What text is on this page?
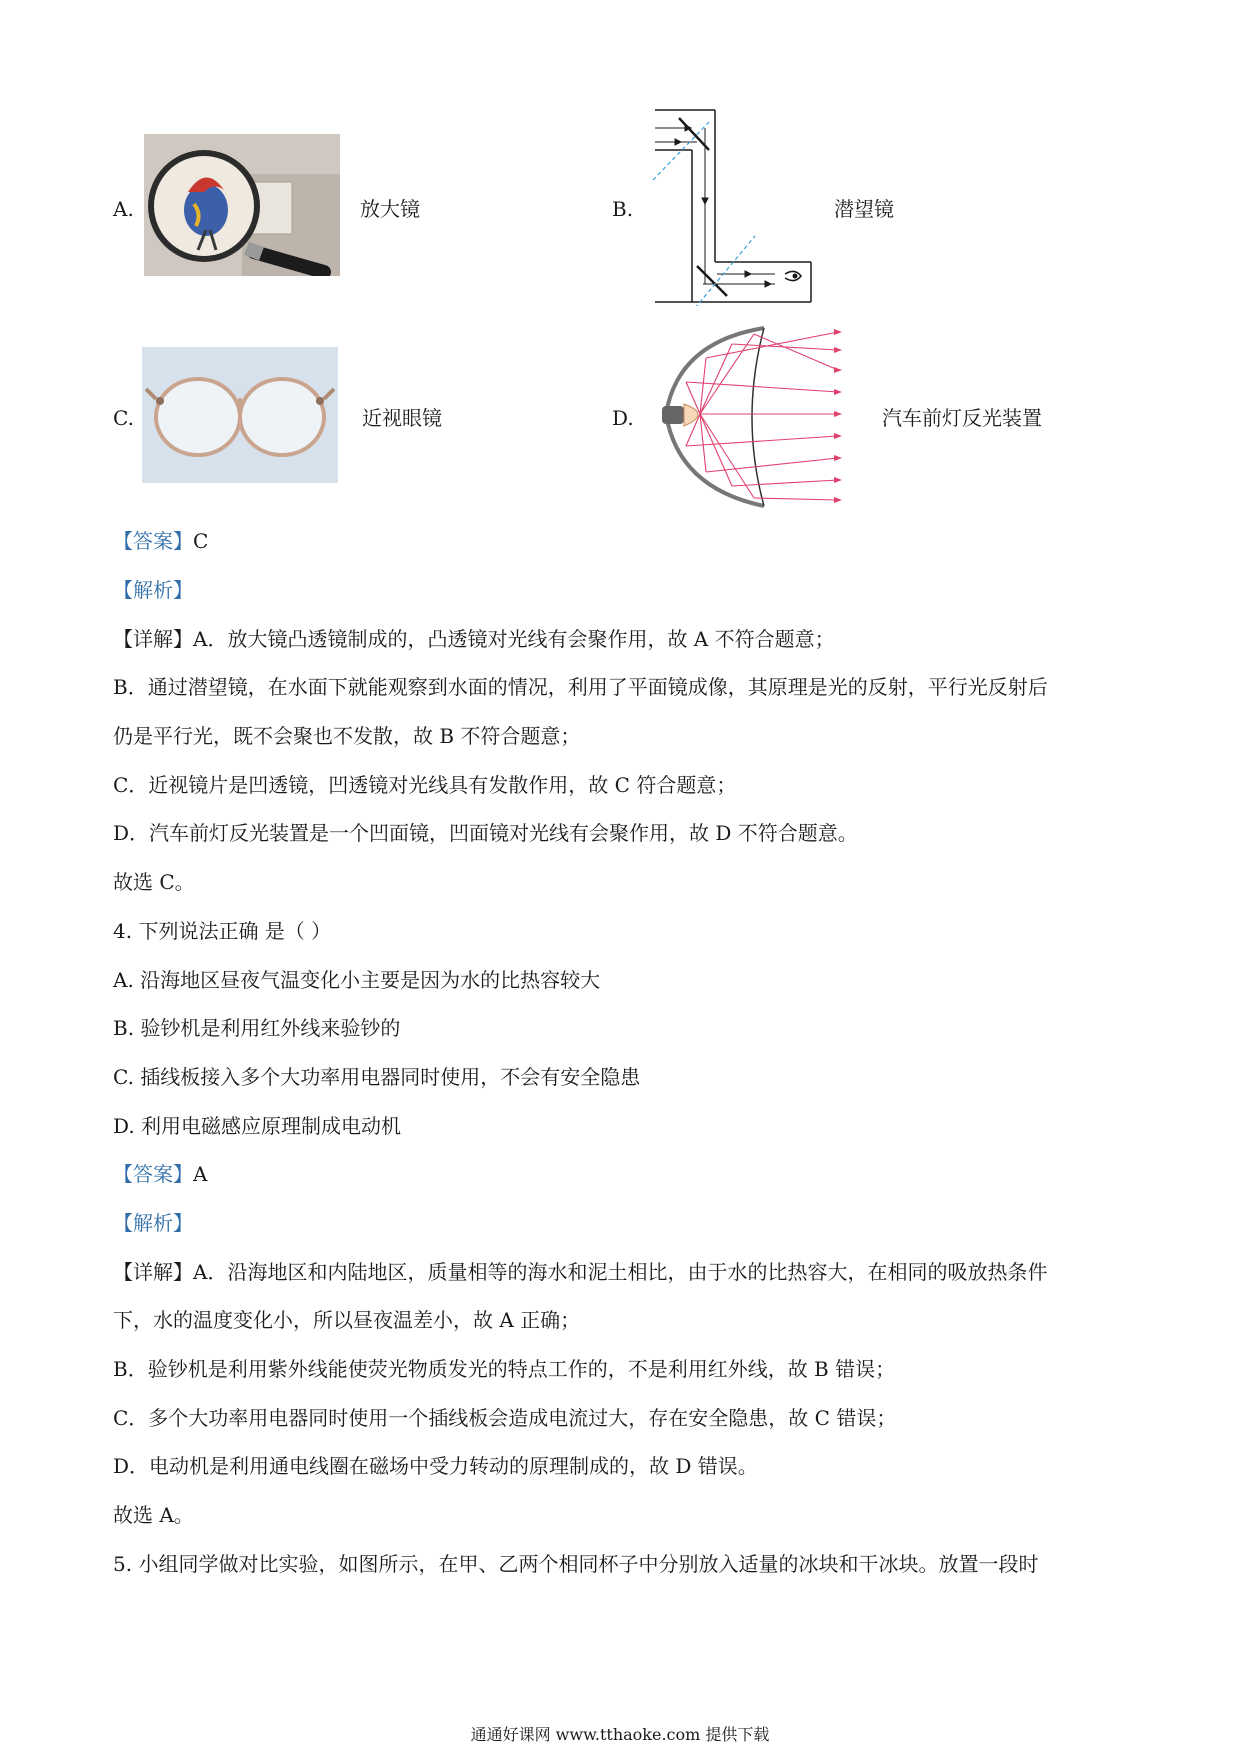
A.	放大镜	B.	潜望镜
C.	近视眼镜	D.	汽车前灯反光装置
【答案】C
【解析】
【详解】A．放大镜凸透镜制成的，凸透镜对光线有会聚作用，故 A 不符合题意；
B．通过潜望镜，在水面下就能观察到水面的情况，利用了平面镜成像，其原理是光的反射，平行光反射后
仍是平行光，既不会聚也不发散，故 B 不符合题意；
C．近视镜片是凹透镜，凹透镜对光线具有发散作用，故 C 符合题意；
D．汽车前灯反光装置是一个凹面镜，凹面镜对光线有会聚作用，故 D 不符合题意。
故选 C。
4. 下列说法正确 是（ ）
A. 沿海地区昼夜气温变化小主要是因为水的比热容较大
B. 验钞机是利用红外线来验钞的
C. 插线板接入多个大功率用电器同时使用，不会有安全隐患
D. 利用电磁感应原理制成电动机
【答案】A
【解析】
【详解】A．沿海地区和内陆地区，质量相等的海水和泥土相比，由于水的比热容大，在相同的吸放热条件
下，水的温度变化小，所以昼夜温差小，故 A 正确；
B．验钞机是利用紫外线能使荧光物质发光的特点工作的，不是利用红外线，故 B 错误；
C．多个大功率用电器同时使用一个插线板会造成电流过大，存在安全隐患，故 C 错误；
D．电动机是利用通电线圈在磁场中受力转动的原理制成的，故 D 错误。
故选 A。
5. 小组同学做对比实验，如图所示，在甲、乙两个相同杯子中分别放入适量的冰块和干冰块。放置一段时
通通好课网 www.tthaoke.com 提供下载
